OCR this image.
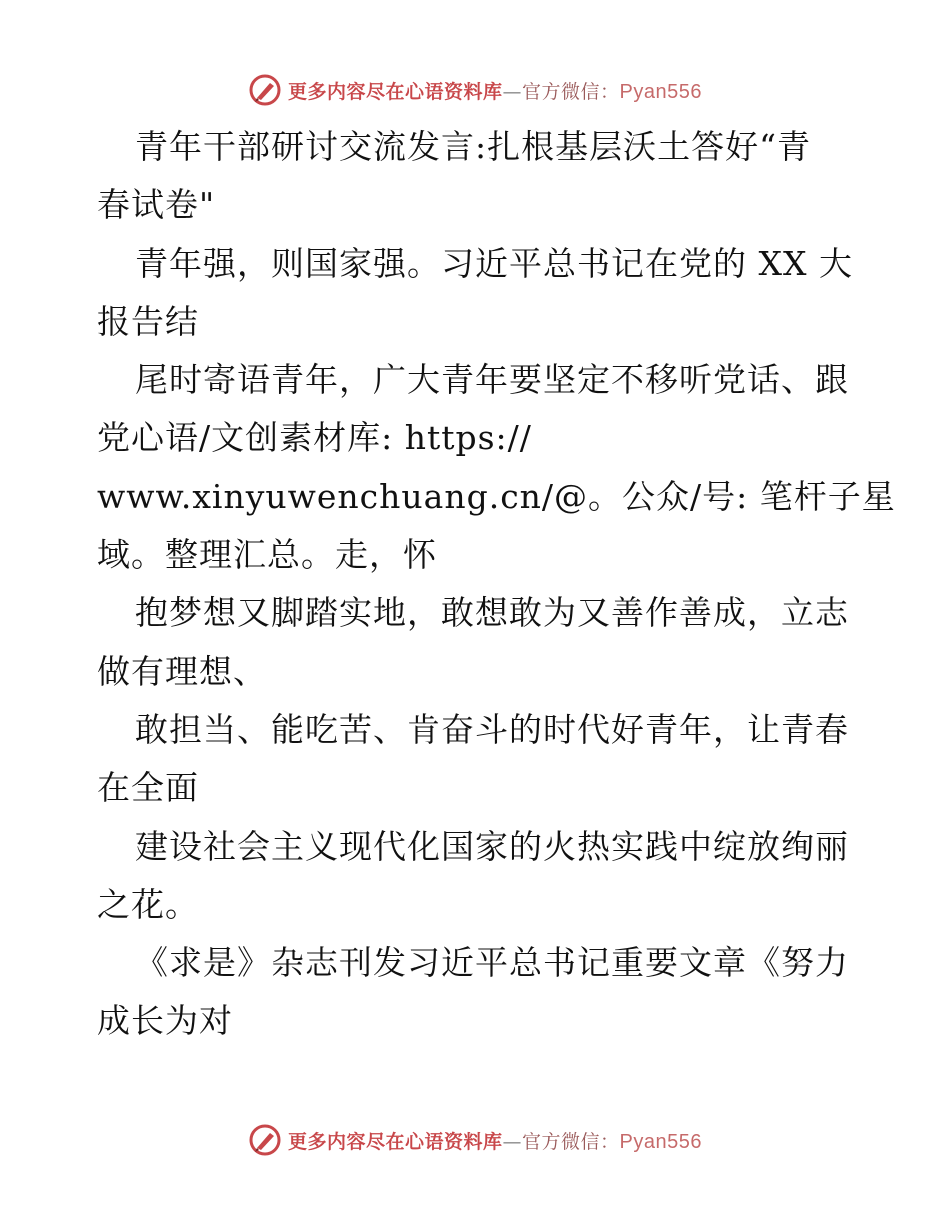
更多内容尽在心语资料库—官方微信：Pyan556
青年干部研讨交流发言:扎根基层沃土答好“青
春试卷"
青年强，则国家强。习近平总书记在党的 XX 大
报告结
尾时寄语青年，广大青年要坚定不移听党话、跟
党心语/文创素材库: https://
www.xinyuwenchuang.cn/@。公众/号: 笔杆子星
域。整理汇总。走，怀
抱梦想又脚踏实地，敢想敢为又善作善成，立志
做有理想、
敢担当、能吃苦、肯奋斗的时代好青年，让青春
在全面
建设社会主义现代化国家的火热实践中绽放绚丽
之花。
《求是》杂志刊发习近平总书记重要文章《努力
成长为对
更多内容尽在心语资料库—官方微信：Pyan556
